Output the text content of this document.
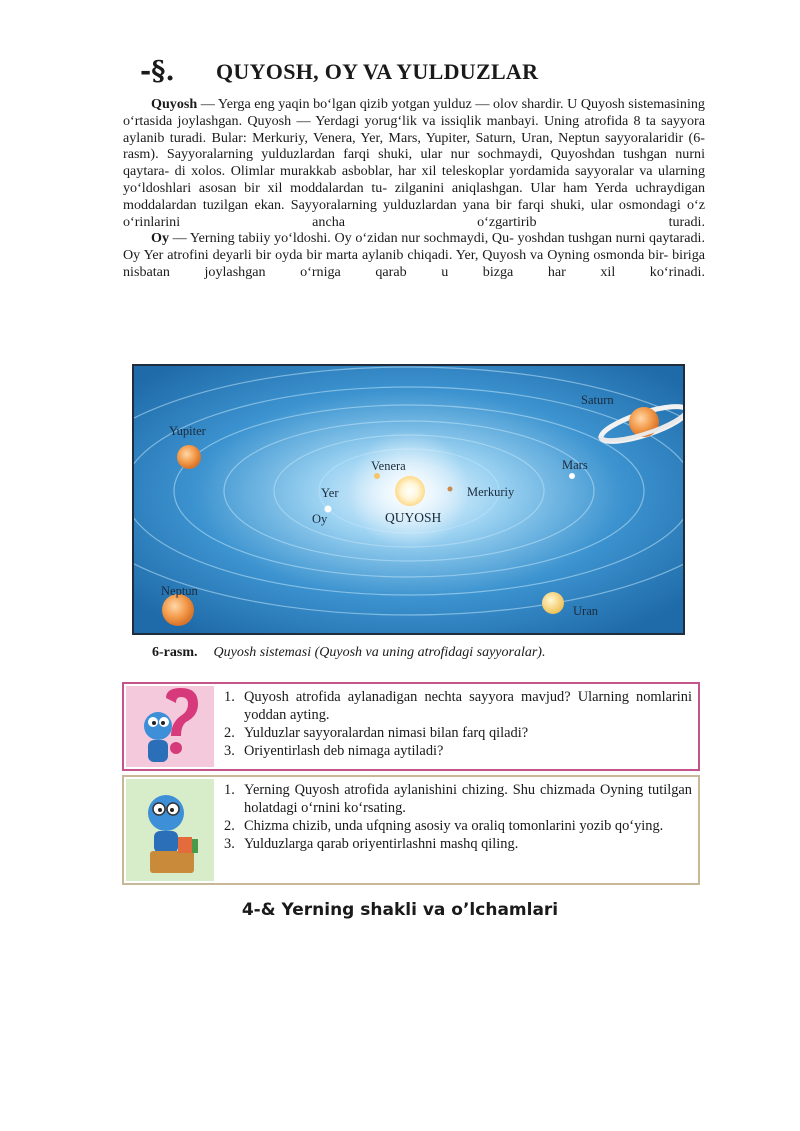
-§. QUYOSH, OY VA YULDUZLAR

Quyosh — Yerga eng yaqin bo‘lgan qizib yotgan yulduz — olov shardir. U Quyosh sistemasining o‘rtasida joylashgan. Quyosh — Yerdagi yorug‘lik va issiqlik manbayi. Uning atrofida 8 ta sayyora aylanib turadi. Bular: Merkuriy, Venera, Yer, Mars, Yupiter, Saturn, Uran, Neptun sayyoralaridir (6-rasm). Sayyoralarning yulduzlardan farqi shuki, ular nur sochmaydi, Quyoshdan tushgan nurni qaytara- di xolos. Olimlar murakkab asboblar, har xil teleskoplar yordamida sayyoralar va ularning yo‘ldoshlari asosan bir xil moddalardan tu- zilganini aniqlashgan. Ular ham Yerda uchraydigan moddalardan tuzilgan ekan. Sayyoralarning yulduzlardan yana bir farqi shuki, ular osmondagi o‘z o‘rinlarini ancha o‘zgartirib turadi.

Oy — Yerning tabiiy yo‘ldoshi. Oy o‘zidan nur sochmaydi, Qu- yoshdan tushgan nurni qaytaradi. Oy Yer atrofini deyarli bir oyda bir marta aylanib chiqadi. Yer, Quyosh va Oyning osmonda bir- biriga nisbatan joylashgan o‘rniga qarab u bizga har xil ko‘rinadi.

QUYOSH
Venera
Merkuriy
Yer
Oy
Mars
Yupiter
Saturn
Uran
Neptun
6-rasm. Quyosh sistemasi (Quyosh va uning atrofidagi sayyoralar).
1. Quyosh atrofida aylanadigan nechta sayyora mavjud? Ularning nomlarini yoddan ayting.
2. Yulduzlar sayyoralardan nimasi bilan farq qiladi?
3. Oriyentirlash deb nimaga aytiladi?
1. Yerning Quyosh atrofida aylanishini chizing. Shu chizmada Oyning tutilgan holatdagi o‘rnini ko‘rsating.
2. Chizma chizib, unda ufqning asosiy va oraliq tomonlarini yozib qo‘ying.
3. Yulduzlarga qarab oriyentirlashni mashq qiling.
4-& Yerning shakli va o’lchamlari
